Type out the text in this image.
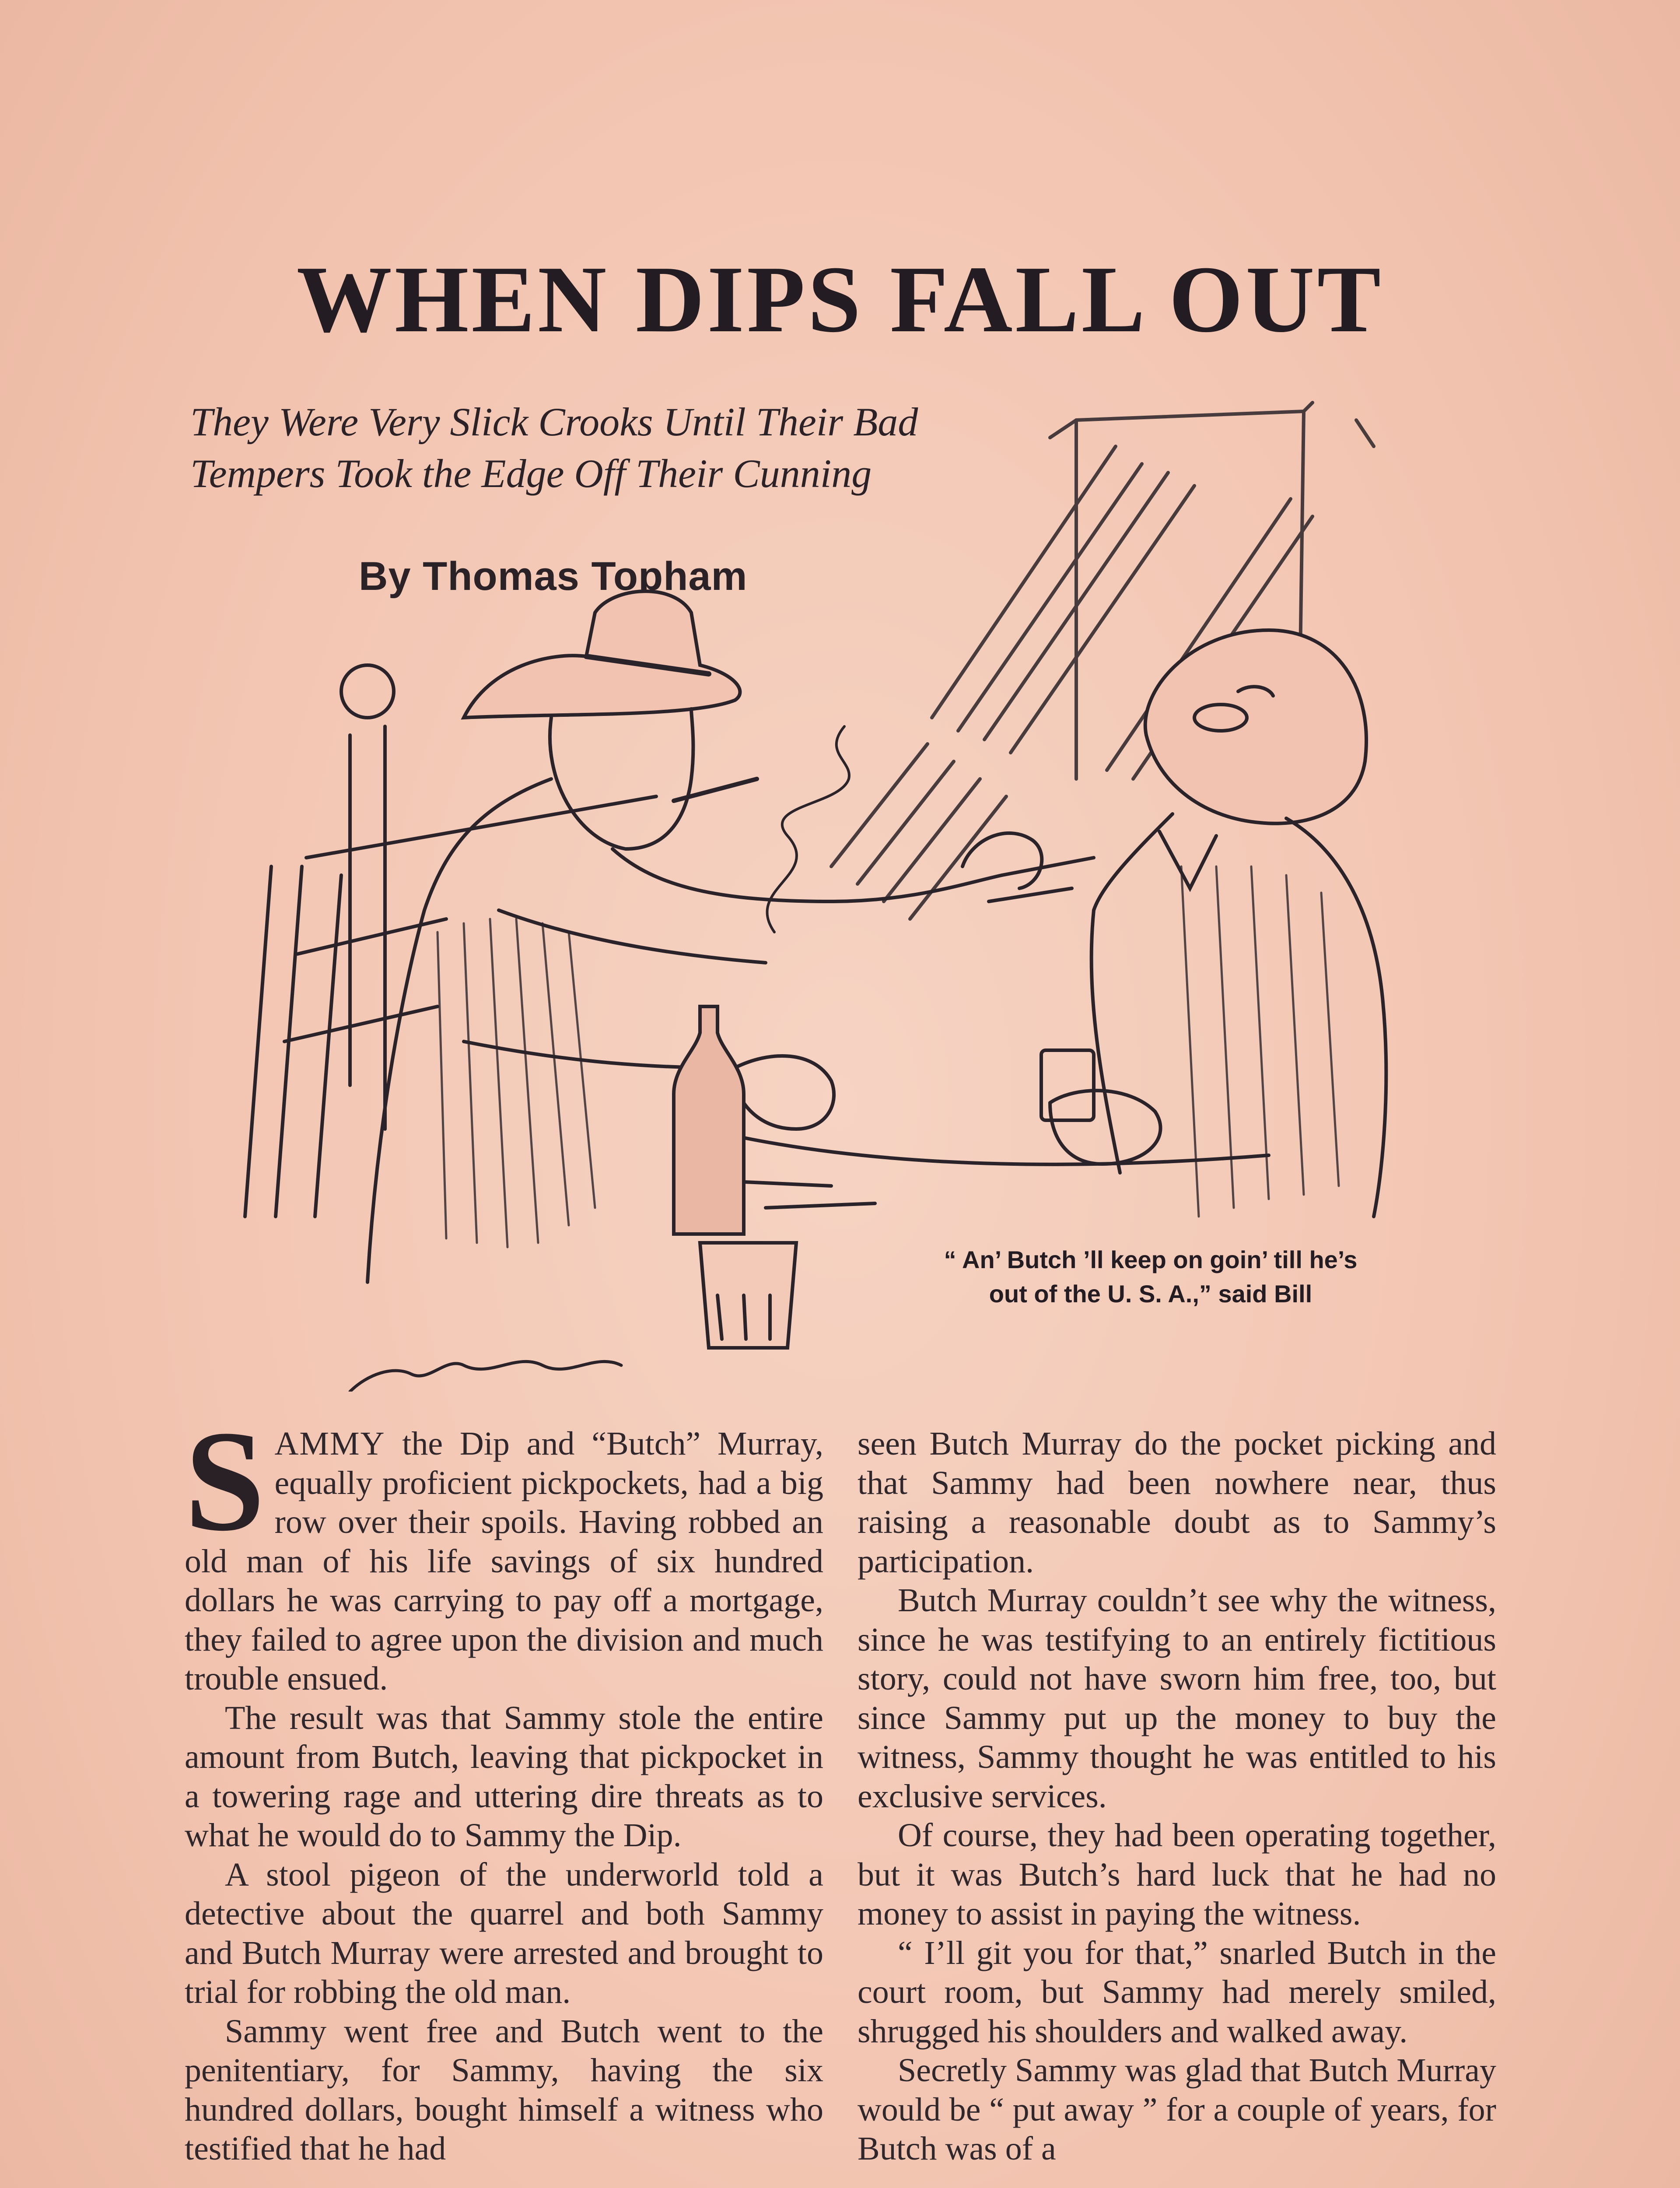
WHEN DIPS FALL OUT
They Were Very Slick Crooks Until Their Bad
Tempers Took the Edge Off Their Cunning
By Thomas Topham
“ An’ Butch ’ll keep on goin’ till he’s
out of the U. S. A.,” said Bill

SAMMY the Dip and “Butch” Murray, equally proficient pickpockets, had a big row over their spoils. Having robbed an old man of his life savings of six hundred dollars he was carrying to pay off a mortgage, they failed to agree upon the division and much trouble ensued.

The result was that Sammy stole the entire amount from Butch, leaving that pickpocket in a towering rage and uttering dire threats as to what he would do to Sammy the Dip.

A stool pigeon of the underworld told a detective about the quarrel and both Sammy and Butch Murray were arrested and brought to trial for robbing the old man.

Sammy went free and Butch went to the penitentiary, for Sammy, having the six hundred dollars, bought himself a witness who testified that he had

seen Butch Murray do the pocket picking and that Sammy had been nowhere near, thus raising a reasonable doubt as to Sammy’s participation.

Butch Murray couldn’t see why the witness, since he was testifying to an entirely fictitious story, could not have sworn him free, too, but since Sammy put up the money to buy the witness, Sammy thought he was entitled to his exclusive services.

Of course, they had been operating together, but it was Butch’s hard luck that he had no money to assist in paying the witness.

“ I’ll git you for that,” snarled Butch in the court room, but Sammy had merely smiled, shrugged his shoulders and walked away.

Secretly Sammy was glad that Butch Murray would be “ put away ” for a couple of years, for Butch was of a
